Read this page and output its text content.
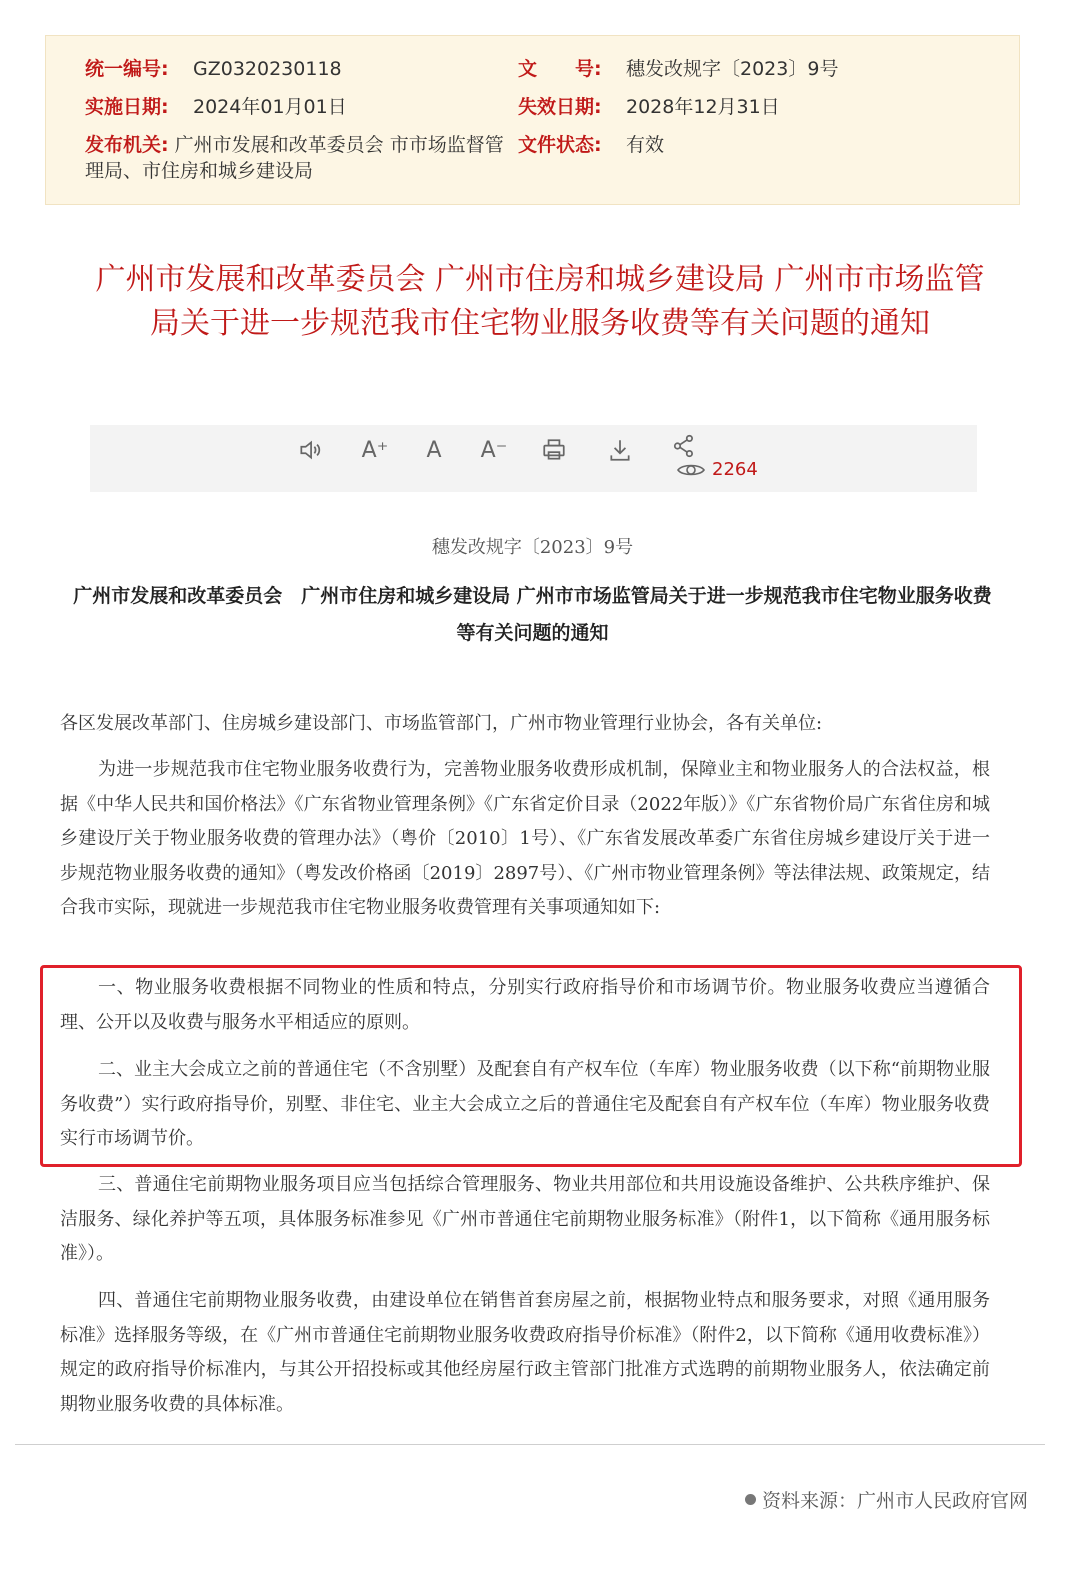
统一编号: GZ0320230118	文　　号: 穗发改规字〔2023〕9号
实施日期: 2024年01月01日	失效日期: 2028年12月31日
发布机关: 广州市发展和改革委员会 市市场监督管理局、市住房和城乡建设局
文件状态: 有效
广州市发展和改革委员会 广州市住房和城乡建设局 广州市市场监管局关于进一步规范我市住宅物业服务收费等有关问题的通知
A⁺ A A⁻
2264
穗发改规字〔2023〕9号
广州市发展和改革委员会　广州市住房和城乡建设局 广州市市场监管局关于进一步规范我市住宅物业服务收费等有关问题的通知
各区发展改革部门、住房城乡建设部门、市场监管部门，广州市物业管理行业协会，各有关单位:
为进一步规范我市住宅物业服务收费行为，完善物业服务收费形成机制，保障业主和物业服务人的合法权益，根据《中华人民共和国价格法》《广东省物业管理条例》《广东省定价目录（2022年版）》《广东省物价局广东省住房和城乡建设厅关于物业服务收费的管理办法》（粤价〔2010〕1号）、《广东省发展改革委广东省住房城乡建设厅关于进一步规范物业服务收费的通知》（粤发改价格函〔2019〕2897号）、《广州市物业管理条例》等法律法规、政策规定，结合我市实际，现就进一步规范我市住宅物业服务收费管理有关事项通知如下:
一、物业服务收费根据不同物业的性质和特点，分别实行政府指导价和市场调节价。物业服务收费应当遵循合理、公开以及收费与服务水平相适应的原则。
二、业主大会成立之前的普通住宅（不含别墅）及配套自有产权车位（车库）物业服务收费（以下称“前期物业服务收费”）实行政府指导价，别墅、非住宅、业主大会成立之后的普通住宅及配套自有产权车位（车库）物业服务收费实行市场调节价。
三、普通住宅前期物业服务项目应当包括综合管理服务、物业共用部位和共用设施设备维护、公共秩序维护、保洁服务、绿化养护等五项，具体服务标准参见《广州市普通住宅前期物业服务标准》（附件1，以下简称《通用服务标准》）。
四、普通住宅前期物业服务收费，由建设单位在销售首套房屋之前，根据物业特点和服务要求，对照《通用服务标准》选择服务等级，在《广州市普通住宅前期物业服务收费政府指导价标准》（附件2，以下简称《通用收费标准》）规定的政府指导价标准内，与其公开招投标或其他经房屋行政主管部门批准方式选聘的前期物业服务人，依法确定前期物业服务收费的具体标准。
资料来源：广州市人民政府官网
